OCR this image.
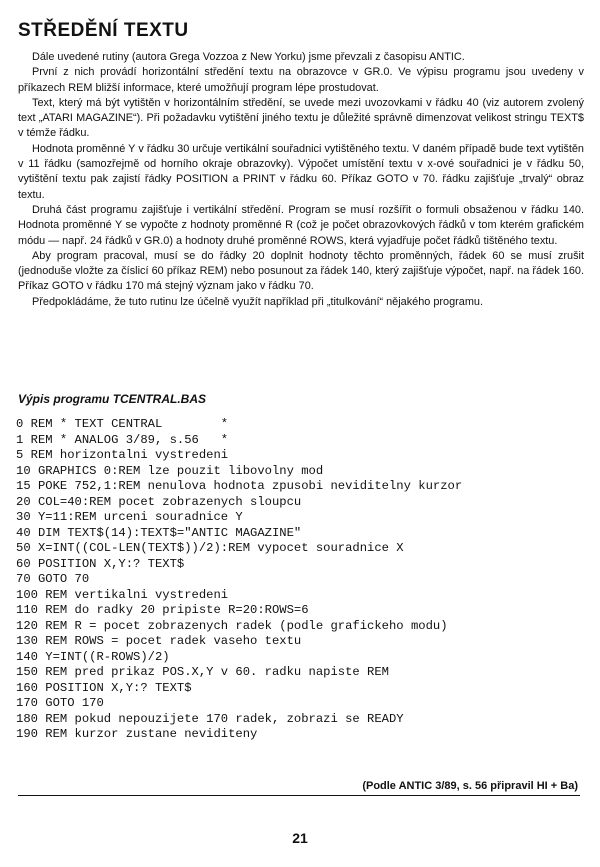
STŘEDĚNÍ TEXTU

Dále uvedené rutiny (autora Grega Vozzoa z New Yorku) jsme převzali z časopisu ANTIC.

První z nich provádí horizontální středění textu na obrazovce v GR.0. Ve výpisu programu jsou uvedeny v příkazech REM bližší informace, které umožňují program lépe prostudovat.

Text, který má být vytištěn v horizontálním středění, se uvede mezi uvozovkami v řádku 40 (viz autorem zvolený text „ATARI MAGAZINE“). Při požadavku vytištění jiného textu je důležité správně dimenzovat velikost stringu TEXT$ v témže řádku.

Hodnota proměnné Y v řádku 30 určuje vertikální souřadnici vytištěného textu. V daném případě bude text vytištěn v 11 řádku (samozřejmě od horního okraje obrazovky). Výpočet umístění textu v x-ové souřadnici je v řádku 50, vytištění textu pak zajistí řádky POSITION a PRINT v řádku 60. Příkaz GOTO v 70. řádku zajišťuje „trvalý“ obraz textu.

Druhá část programu zajišťuje i vertikální středění. Program se musí rozšířit o formuli obsaženou v řádku 140. Hodnota proměnné Y se vypočte z hodnoty proměnné R (což je počet obrazovkových řádků v tom kterém grafickém módu — např. 24 řádků v GR.0) a hodnoty druhé proměnné ROWS, která vyjadřuje počet řádků tištěného textu.

Aby program pracoval, musí se do řádky 20 doplnit hodnoty těchto proměnných, řádek 60 se musí zrušit (jednoduše vložte za číslicí 60 příkaz REM) nebo posunout za řádek 140, který zajišťuje výpočet, např. na řádek 160. Příkaz GOTO v řádku 170 má stejný význam jako v řádku 70.

Předpokládáme, že tuto rutinu lze účelně využít například při „titulkování“ nějakého programu.

Výpis programu TCENTRAL.BAS
0 REM * TEXT CENTRAL        *
1 REM * ANALOG 3/89, s.56   *
5 REM horizontalni vystredeni
10 GRAPHICS 0:REM lze pouzit libovolny mod
15 POKE 752,1:REM nenulova hodnota zpusobi neviditelny kurzor
20 COL=40:REM pocet zobrazenych sloupcu
30 Y=11:REM urceni souradnice Y
40 DIM TEXT$(14):TEXT$="ANTIC MAGAZINE"
50 X=INT((COL-LEN(TEXT$))/2):REM vypocet souradnice X
60 POSITION X,Y:? TEXT$
70 GOTO 70
100 REM vertikalni vystredeni
110 REM do radky 20 pripiste R=20:ROWS=6
120 REM R = pocet zobrazenych radek (podle grafickeho modu)
130 REM ROWS = pocet radek vaseho textu
140 Y=INT((R-ROWS)/2)
150 REM pred prikaz POS.X,Y v 60. radku napiste REM
160 POSITION X,Y:? TEXT$
170 GOTO 170
180 REM pokud nepouzijete 170 radek, zobrazi se READY
190 REM kurzor zustane neviditeny
(Podle ANTIC 3/89, s. 56 připravil HI + Ba)
21
